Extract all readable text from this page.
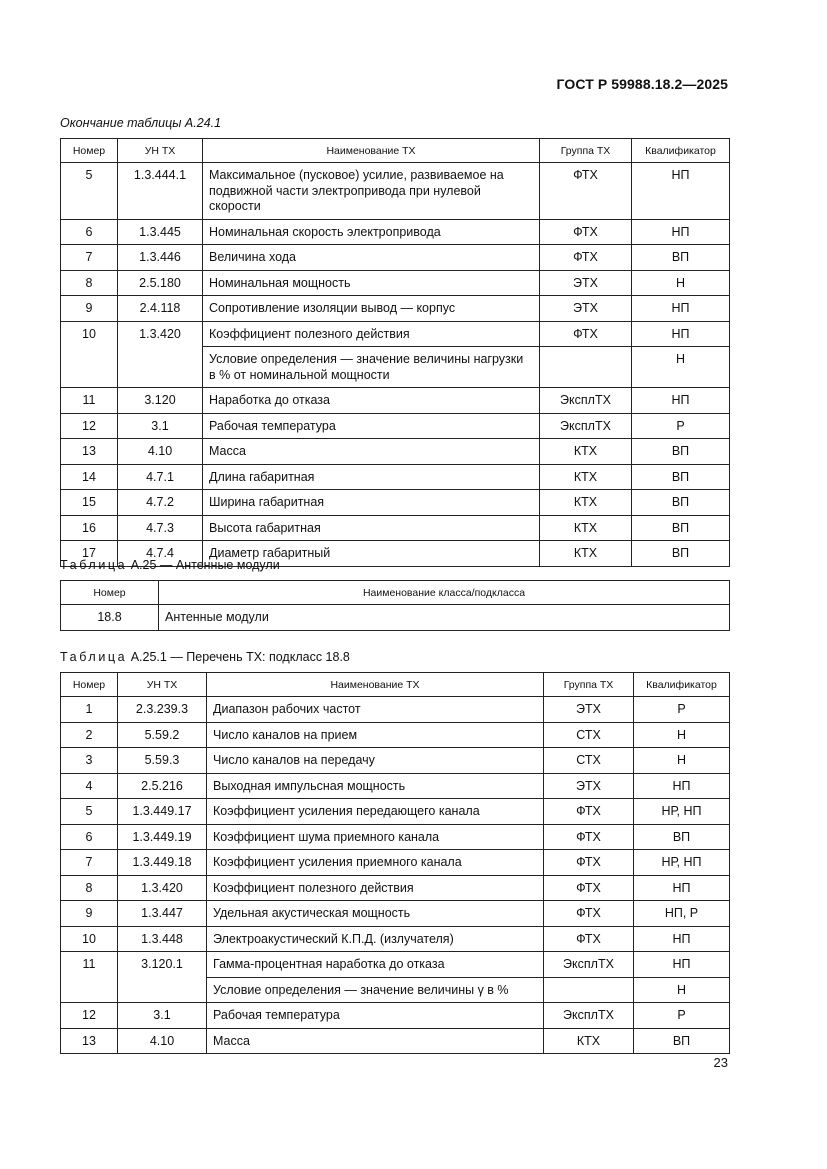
ГОСТ Р 59988.18.2—2025
Окончание таблицы А.24.1
Номер	УН ТХ	Наименование ТХ	Группа ТХ	Квалификатор

5	1.3.444.1	Максимальное (пусковое) усилие, развиваемое на подвижной части электропривода при нулевой скорости	ФТХ	НП

6	1.3.445	Номинальная скорость электропривода	ФТХ	НП

7	1.3.446	Величина хода	ФТХ	ВП

8	2.5.180	Номинальная мощность	ЭТХ	Н

9	2.4.118	Сопротивление изоляции вывод — корпус	ЭТХ	НП

10	1.3.420	Коэффициент полезного действия	ФТХ	НП

		Условие определения — значение величины нагрузки в % от номинальной мощности		Н

11	3.120	Наработка до отказа	ЭксплТХ	НП

12	3.1	Рабочая температура	ЭксплТХ	Р

13	4.10	Масса	КТХ	ВП

14	4.7.1	Длина габаритная	КТХ	ВП

15	4.7.2	Ширина габаритная	КТХ	ВП

16	4.7.3	Высота габаритная	КТХ	ВП

17	4.7.4	Диаметр габаритный	КТХ	ВП
Таблица А.25 — Антенные модули
Номер	Наименование класса/подкласса

18.8	Антенные модули
Таблица А.25.1 — Перечень ТХ: подкласс 18.8
Номер	УН ТХ	Наименование ТХ	Группа ТХ	Квалификатор

1	2.3.239.3	Диапазон рабочих частот	ЭТХ	Р

2	5.59.2	Число каналов на прием	СТХ	Н

3	5.59.3	Число каналов на передачу	СТХ	Н

4	2.5.216	Выходная импульсная мощность	ЭТХ	НП

5	1.3.449.17	Коэффициент усиления передающего канала	ФТХ	НР, НП

6	1.3.449.19	Коэффициент шума приемного канала	ФТХ	ВП

7	1.3.449.18	Коэффициент усиления приемного канала	ФТХ	НР, НП

8	1.3.420	Коэффициент полезного действия	ФТХ	НП

9	1.3.447	Удельная акустическая мощность	ФТХ	НП, Р

10	1.3.448	Электроакустический К.П.Д. (излучателя)	ФТХ	НП

11	3.120.1	Гамма-процентная наработка до отказа	ЭксплТХ	НП

		Условие определения — значение величины γ в %		Н

12	3.1	Рабочая температура	ЭксплТХ	Р

13	4.10	Масса	КТХ	ВП
23
